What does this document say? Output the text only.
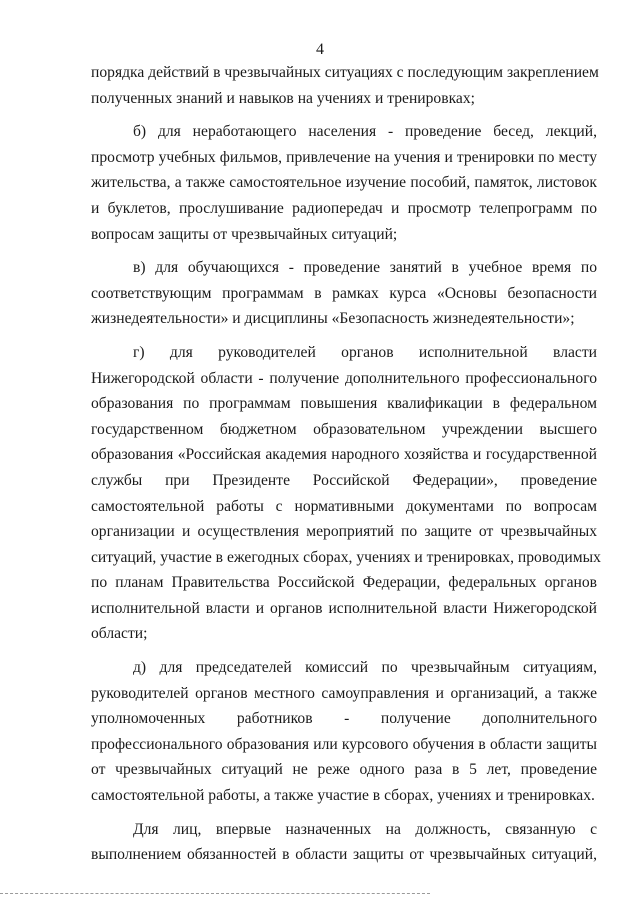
4
порядка действий в чрезвычайных ситуациях с последующим закреплением
полученных знаний и навыков на учениях и тренировках;
б) для неработающего населения - проведение бесед, лекций,
просмотр учебных фильмов, привлечение на учения и тренировки по месту
жительства, а также самостоятельное изучение пособий, памяток, листовок
и буклетов, прослушивание радиопередач и просмотр телепрограмм по
вопросам защиты от чрезвычайных ситуаций;
в) для обучающихся - проведение занятий в учебное время по
соответствующим программам в рамках курса «Основы безопасности
жизнедеятельности» и дисциплины «Безопасность жизнедеятельности»;
г) для руководителей органов исполнительной власти
Нижегородской области - получение дополнительного профессионального
образования по программам повышения квалификации в федеральном
государственном бюджетном образовательном учреждении высшего
образования «Российская академия народного хозяйства и государственной
службы при Президенте Российской Федерации», проведение
самостоятельной работы с нормативными документами по вопросам
организации и осуществления мероприятий по защите от чрезвычайных
ситуаций, участие в ежегодных сборах, учениях и тренировках, проводимых
по планам Правительства Российской Федерации, федеральных органов
исполнительной власти и органов исполнительной власти Нижегородской
области;
д) для председателей комиссий по чрезвычайным ситуациям,
руководителей органов местного самоуправления и организаций, а также
уполномоченных работников - получение дополнительного
профессионального образования или курсового обучения в области защиты
от чрезвычайных ситуаций не реже одного раза в 5 лет, проведение
самостоятельной работы, а также участие в сборах, учениях и тренировках.
Для лиц, впервые назначенных на должность, связанную с
выполнением обязанностей в области защиты от чрезвычайных ситуаций,
